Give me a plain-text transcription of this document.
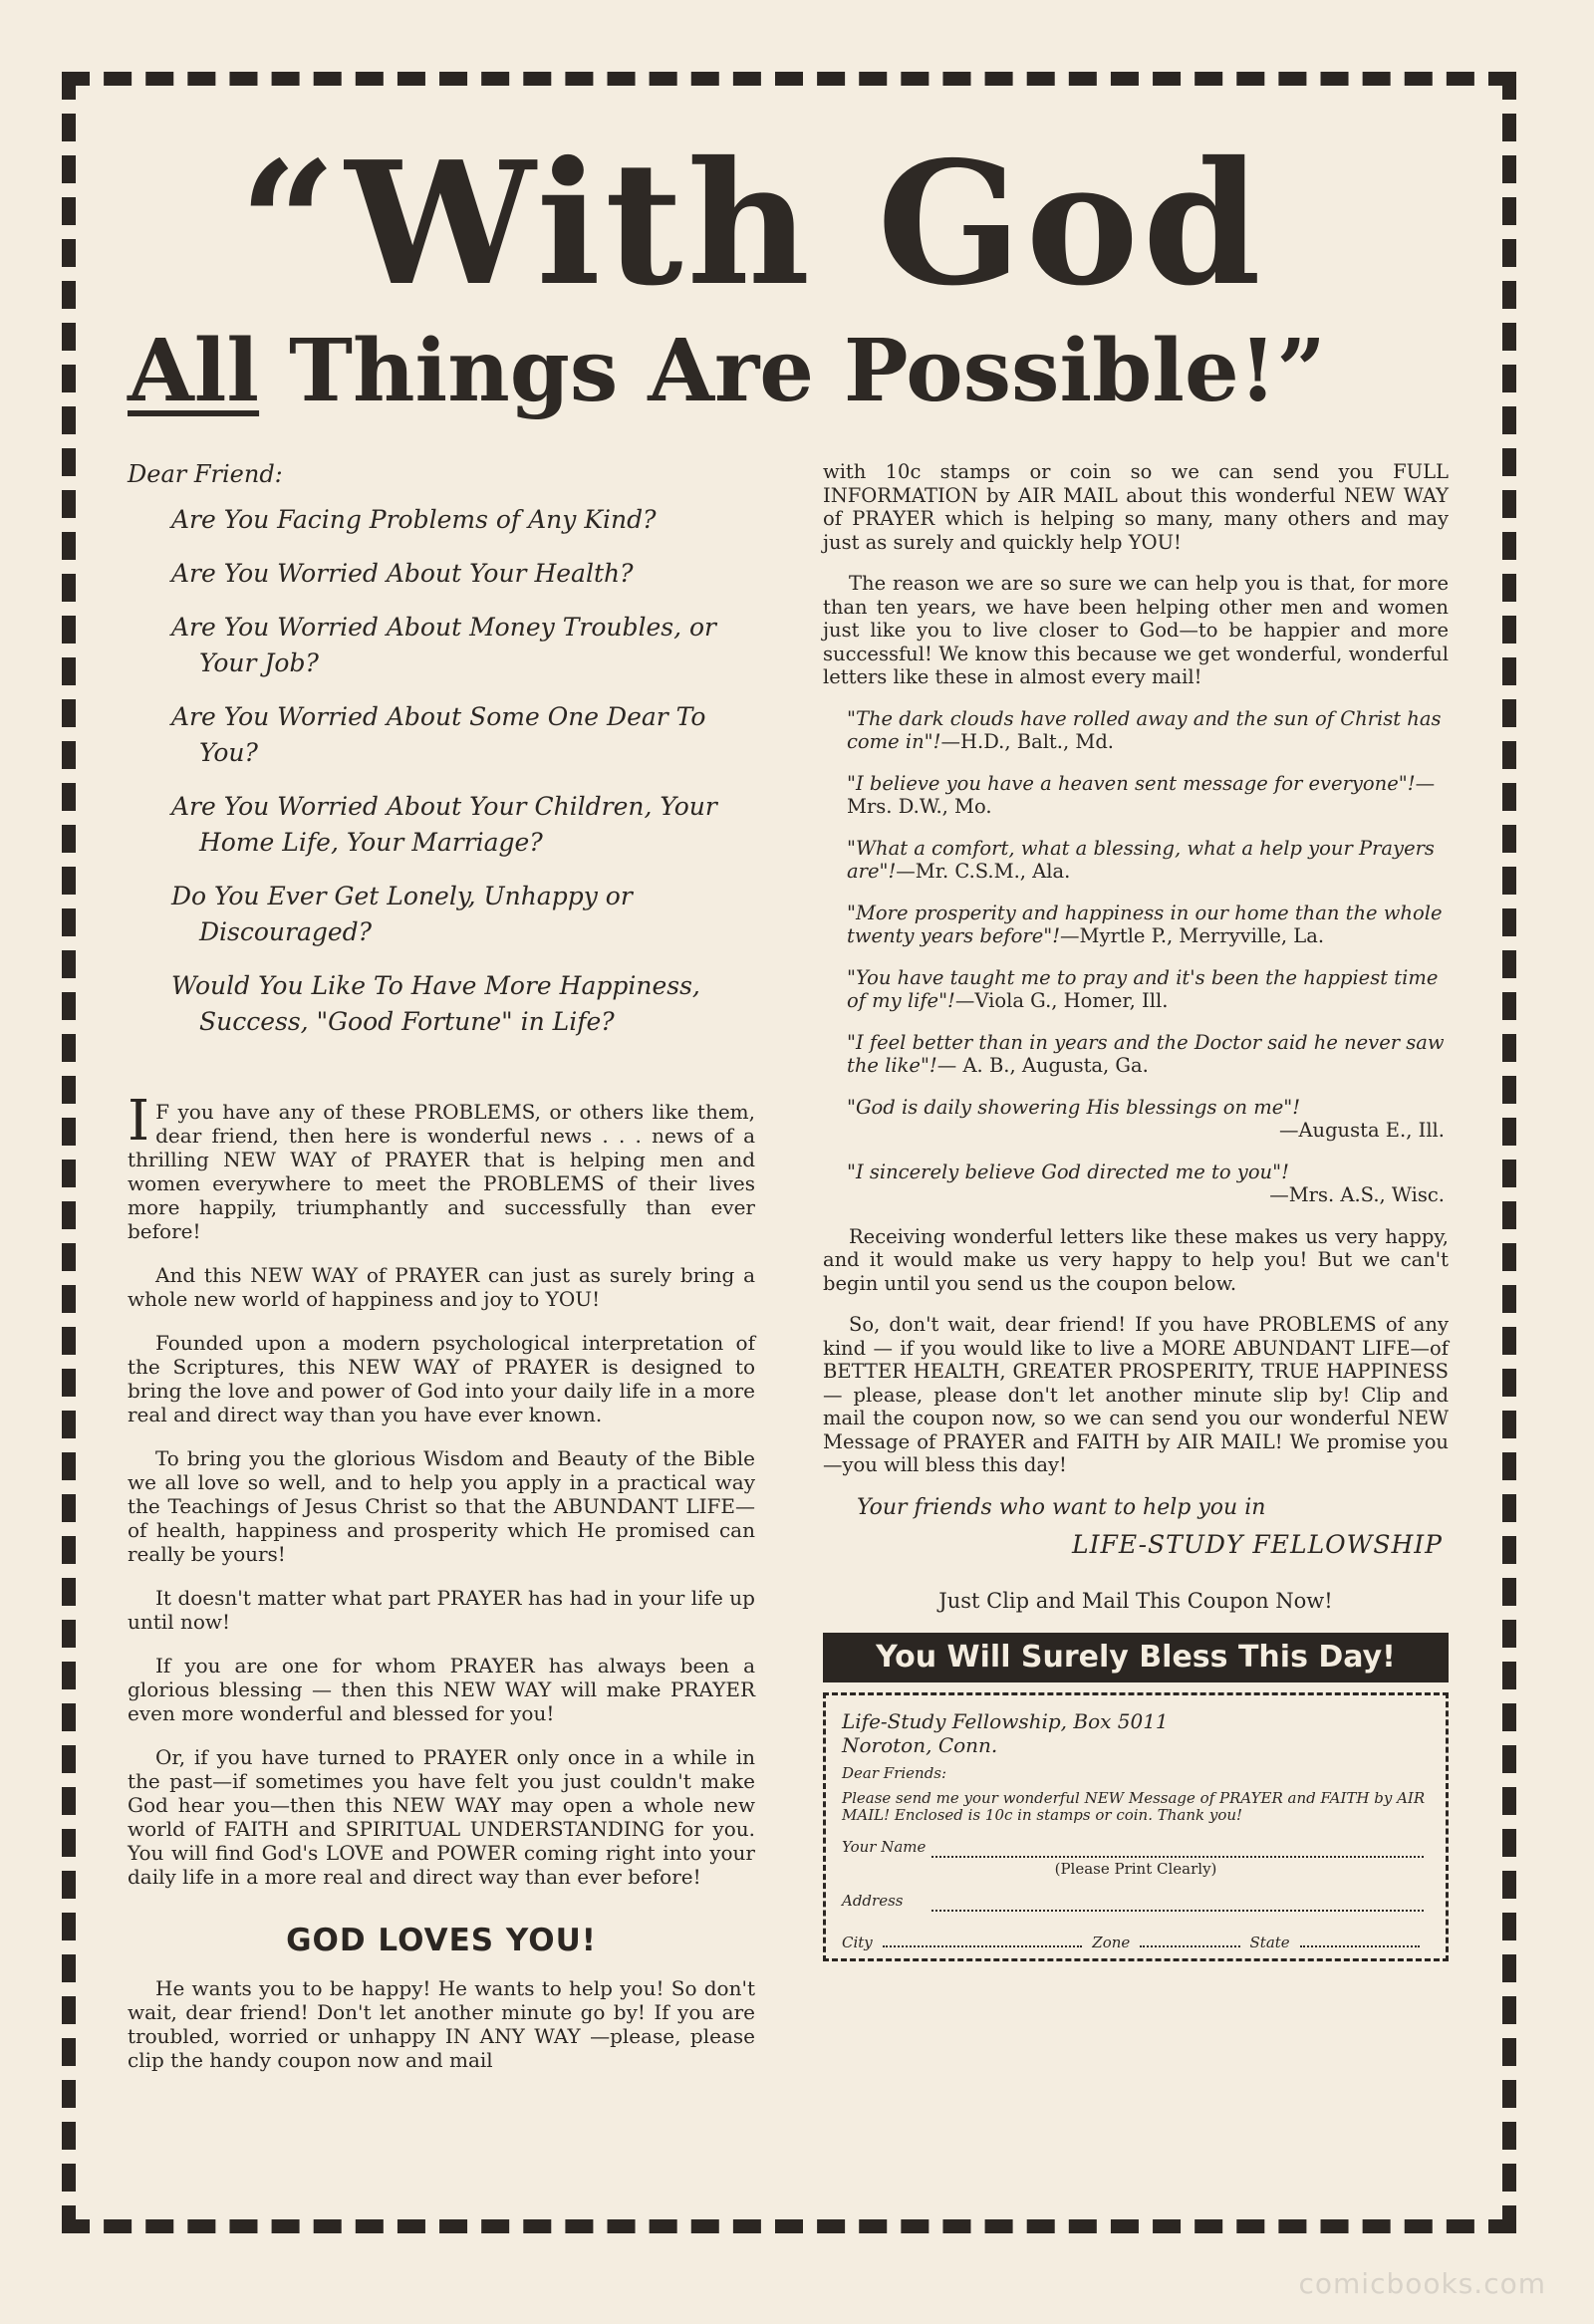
“With God
All Things Are Possible!”

Dear Friend:

Are You Facing Problems of Any Kind?

Are You Worried About Your Health?

Are You Worried About Money Troubles, or Your Job?

Are You Worried About Some One Dear To You?

Are You Worried About Your Children, Your Home Life, Your Marriage?

Do You Ever Get Lonely, Unhappy or Discouraged?

Would You Like To Have More Happiness, Success, "Good Fortune" in Life?

I F you have any of these PROBLEMS, or others like them, dear friend, then here is wonderful news . . . news of a thrilling NEW WAY of PRAYER that is helping men and women everywhere to meet the PROBLEMS of their lives more happily, triumphantly and successfully than ever before!

And this NEW WAY of PRAYER can just as surely bring a whole new world of happiness and joy to YOU!

Founded upon a modern psychological interpretation of the Scriptures, this NEW WAY of PRAYER is designed to bring the love and power of God into your daily life in a more real and direct way than you have ever known.

To bring you the glorious Wisdom and Beauty of the Bible we all love so well, and to help you apply in a practical way the Teachings of Jesus Christ so that the ABUNDANT LIFE—of health, happiness and prosperity which He promised can really be yours!

It doesn't matter what part PRAYER has had in your life up until now!

If you are one for whom PRAYER has always been a glorious blessing — then this NEW WAY will make PRAYER even more wonderful and blessed for you!

Or, if you have turned to PRAYER only once in a while in the past—if sometimes you have felt you just couldn't make God hear you—then this NEW WAY may open a whole new world of FAITH and SPIRITUAL UNDERSTANDING for you. You will find God's LOVE and POWER coming right into your daily life in a more real and direct way than ever before!

GOD LOVES YOU!

He wants you to be happy! He wants to help you! So don't wait, dear friend! Don't let another minute go by! If you are troubled, worried or unhappy IN ANY WAY —please, please clip the handy coupon now and mail

with 10c stamps or coin so we can send you FULL INFORMATION by AIR MAIL about this wonderful NEW WAY of PRAYER which is helping so many, many others and may just as surely and quickly help YOU!

The reason we are so sure we can help you is that, for more than ten years, we have been helping other men and women just like you to live closer to God—to be happier and more successful! We know this because we get wonderful, wonderful letters like these in almost every mail!

"The dark clouds have rolled away and the sun of Christ has come in"!—H.D., Balt., Md.

"I believe you have a heaven sent message for everyone"!—Mrs. D.W., Mo.

"What a comfort, what a blessing, what a help your Prayers are"!—Mr. C.S.M., Ala.

"More prosperity and happiness in our home than the whole twenty years before"!—Myrtle P., Merryville, La.

"You have taught me to pray and it's been the happiest time of my life"!—Viola G., Homer, Ill.

"I feel better than in years and the Doctor said he never saw the like"!— A. B., Augusta, Ga.

"God is daily showering His blessings on me"!
—Augusta E., Ill.

"I sincerely believe God directed me to you"!
—Mrs. A.S., Wisc.

Receiving wonderful letters like these makes us very happy, and it would make us very happy to help you! But we can't begin until you send us the coupon below.

So, don't wait, dear friend! If you have PROBLEMS of any kind — if you would like to live a MORE ABUNDANT LIFE—of BETTER HEALTH, GREATER PROSPERITY, TRUE HAPPINESS — please, please don't let another minute slip by! Clip and mail the coupon now, so we can send you our wonderful NEW Message of PRAYER and FAITH by AIR MAIL! We promise you—you will bless this day!

Your friends who want to help you in

LIFE-STUDY FELLOWSHIP

Just Clip and Mail This Coupon Now!

You Will Surely Bless This Day!

Life-Study Fellowship, Box 5011

Noroton, Conn.

Dear Friends:

Please send me your wonderful NEW Message of PRAYER and FAITH by AIR MAIL! Enclosed is 10c in stamps or coin. Thank you!

Your Name
(Please Print Clearly)
Address
City	Zone	State
comicbooks.com
